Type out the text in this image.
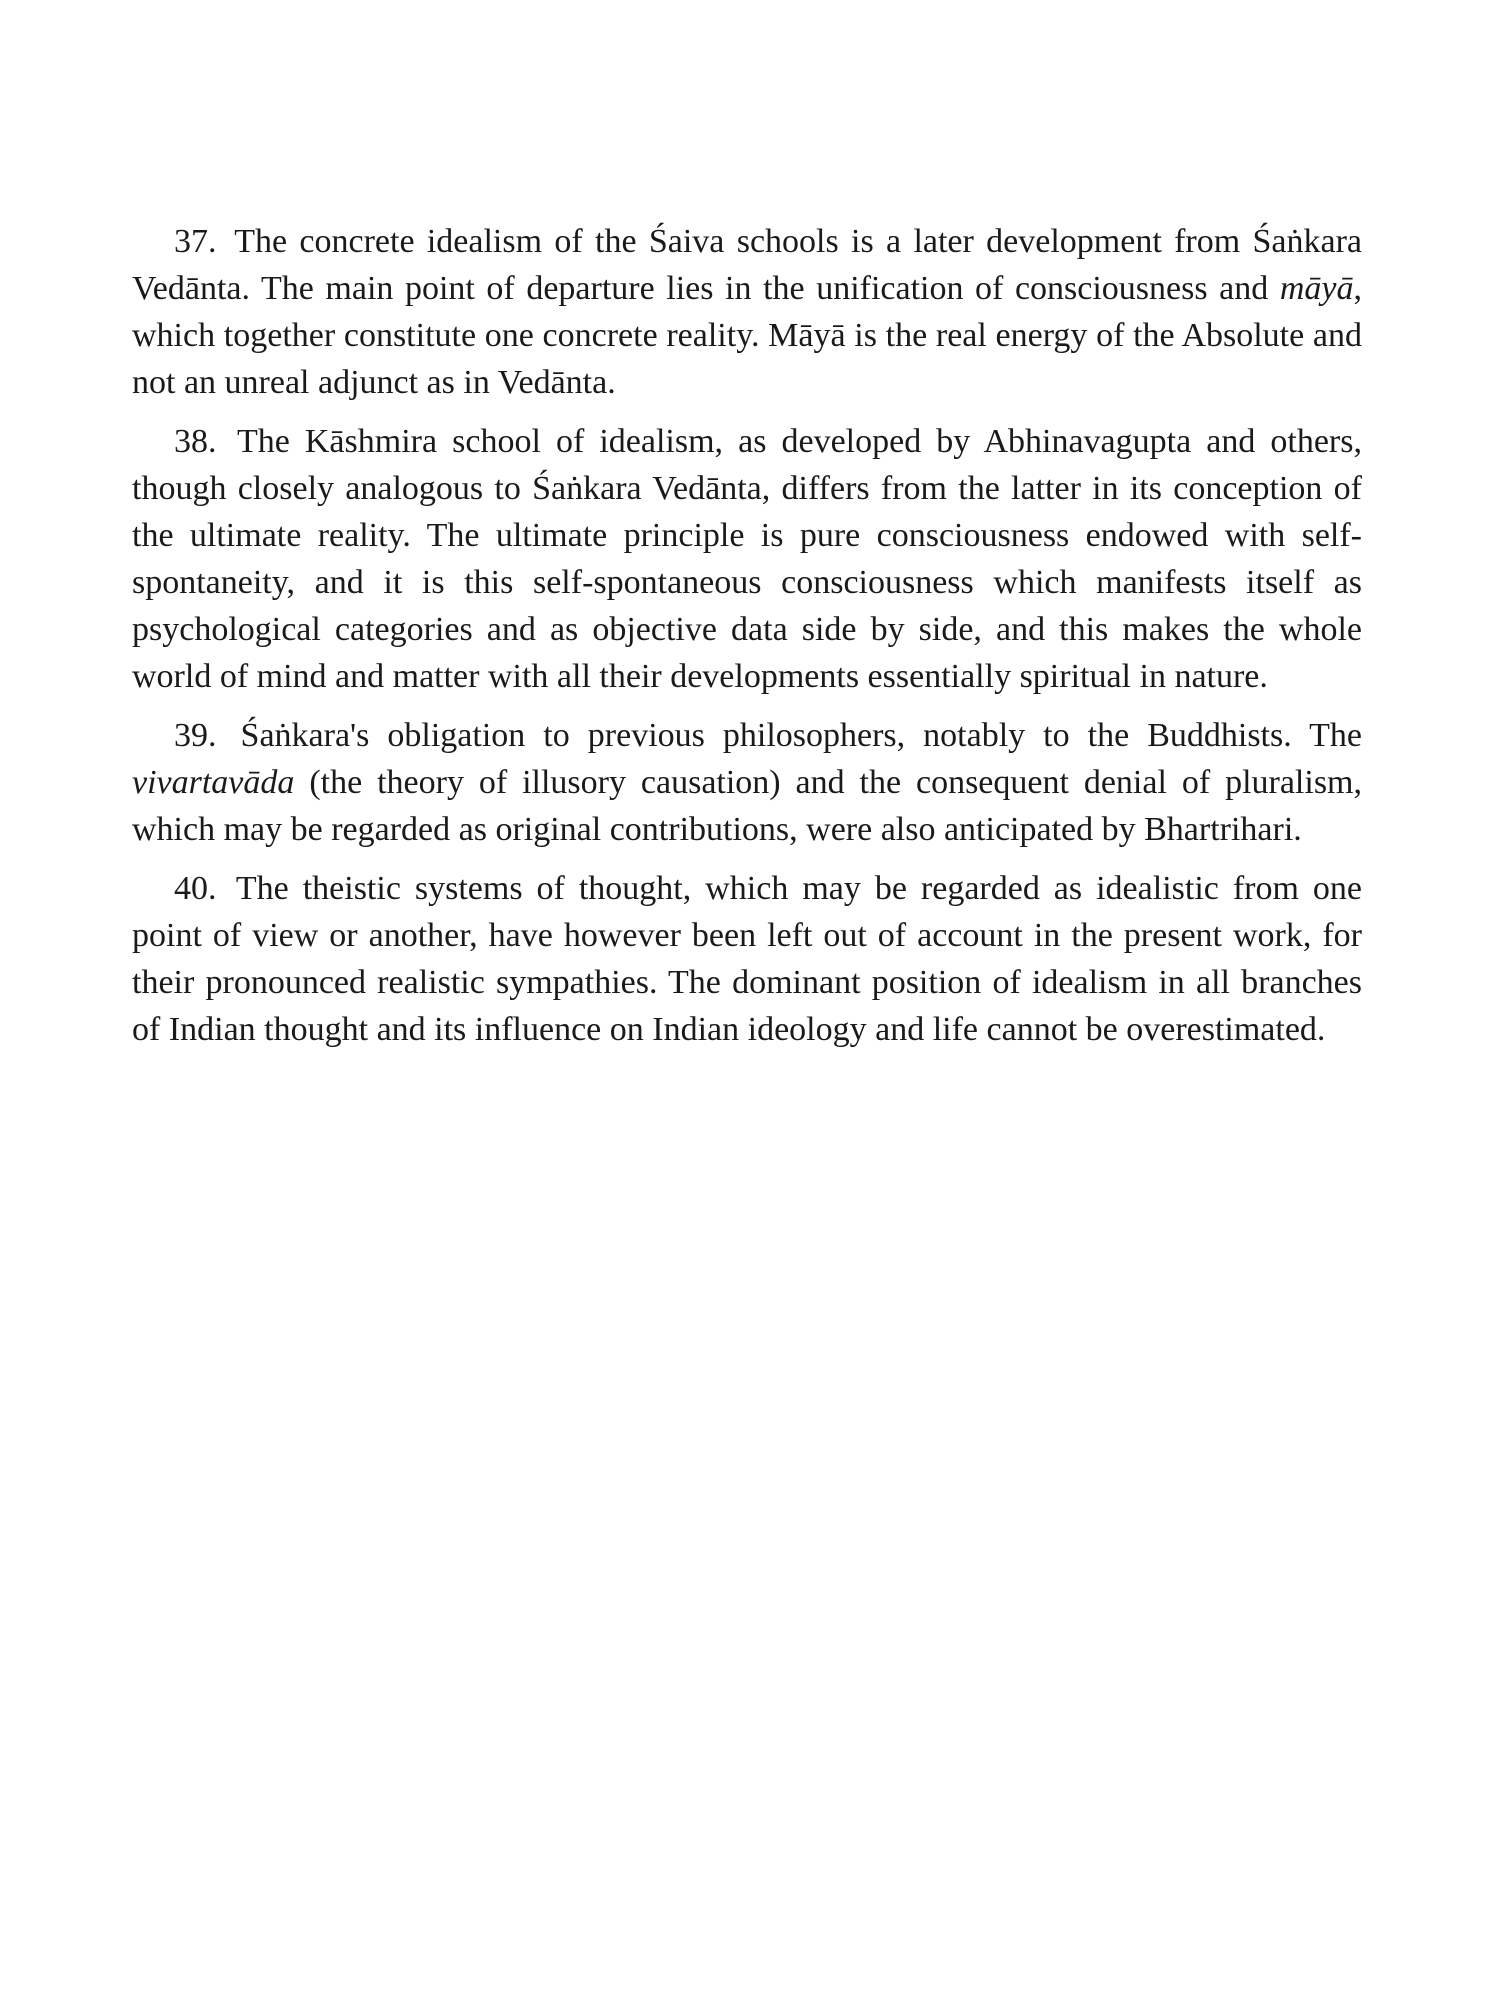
37. The concrete idealism of the Śaiva schools is a later development from Śaṅkara Vedānta. The main point of departure lies in the unification of consciousness and māyā, which together constitute one concrete reality. Māyā is the real energy of the Absolute and not an unreal adjunct as in Vedānta.

38. The Kāshmira school of idealism, as developed by Abhinavagupta and others, though closely analogous to Śaṅkara Vedānta, differs from the latter in its conception of the ultimate reality. The ultimate principle is pure consciousness endowed with self-spontaneity, and it is this self-spontaneous consciousness which manifests itself as psychological categories and as objective data side by side, and this makes the whole world of mind and matter with all their developments essentially spiritual in nature.

39. Śaṅkara's obligation to previous philosophers, notably to the Buddhists. The vivartavāda (the theory of illusory causation) and the consequent denial of pluralism, which may be regarded as original contributions, were also anticipated by Bhartrihari.

40. The theistic systems of thought, which may be regarded as idealistic from one point of view or another, have however been left out of account in the present work, for their pronounced realistic sympathies. The dominant position of idealism in all branches of Indian thought and its influence on Indian ideology and life cannot be overestimated.
